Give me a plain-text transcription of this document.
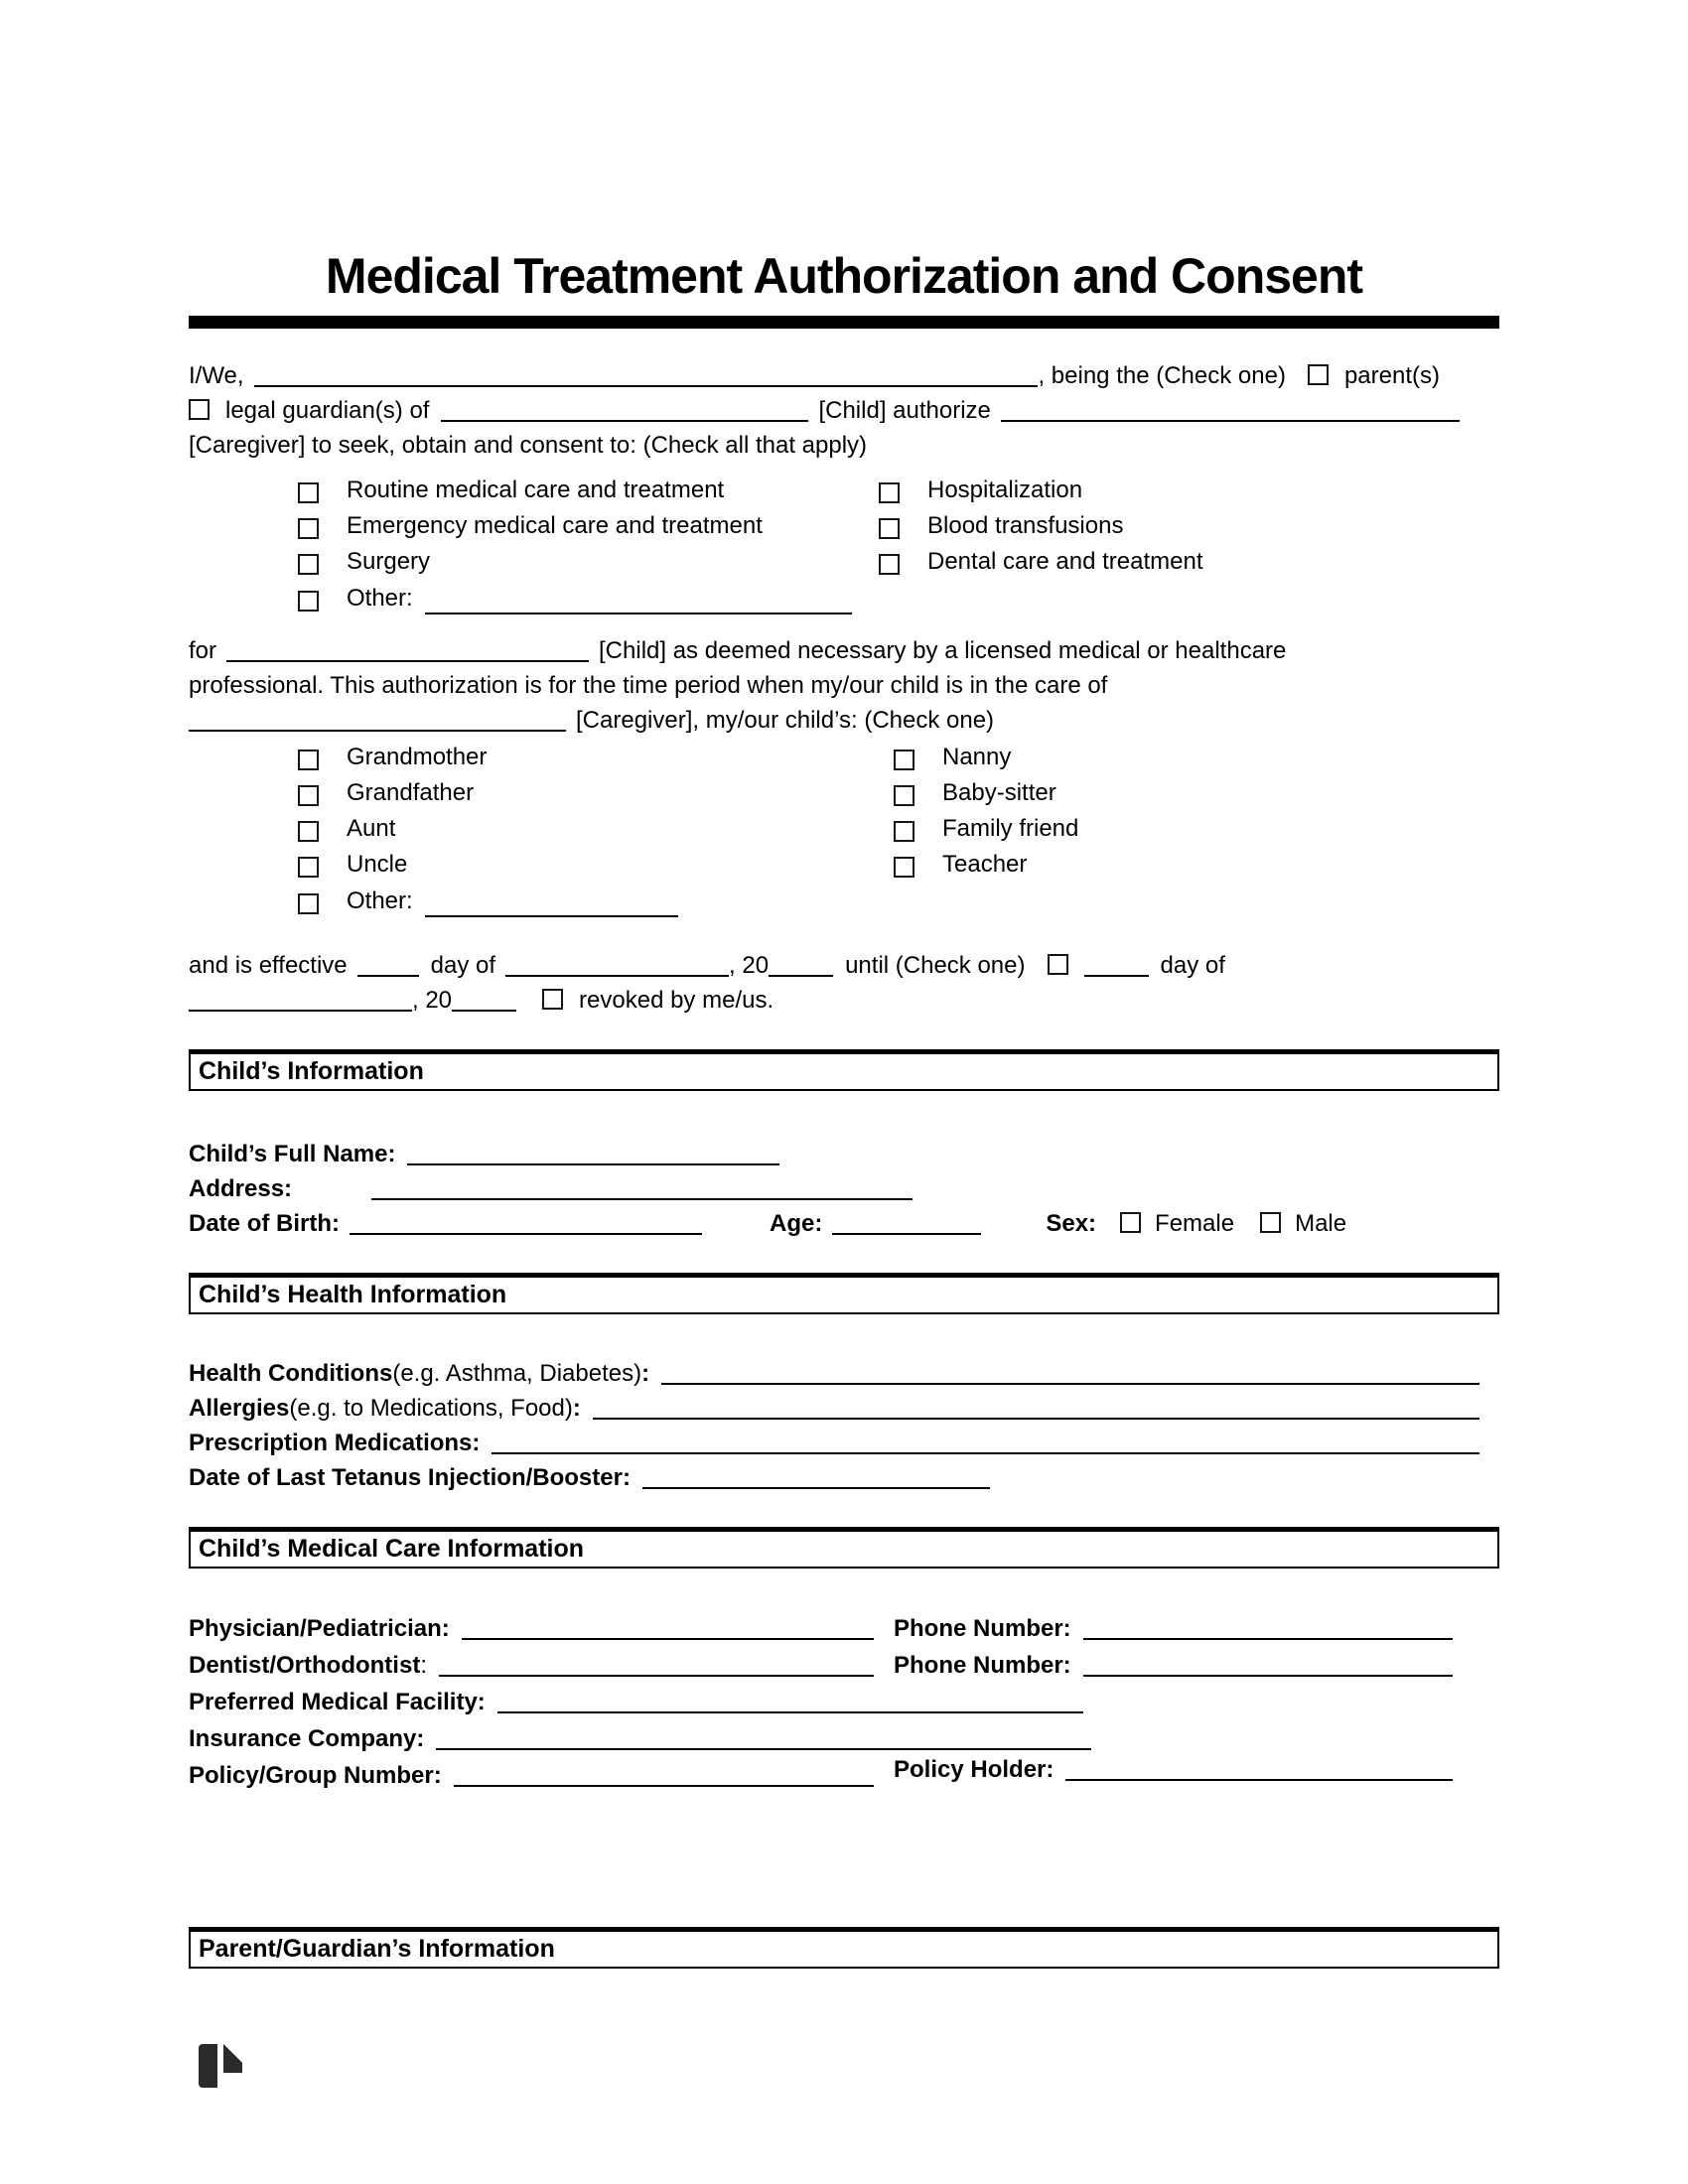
Medical Treatment Authorization and Consent
I/We,	, being the (Check one) parent(s)
legal guardian(s) of	[Child] authorize
[Caregiver] to seek, obtain and consent to: (Check all that apply)
Routine medical care and treatment	Hospitalization
Emergency medical care and treatment	Blood transfusions
Surgery	Dental care and treatment
Other:
for	[Child] as deemed necessary by a licensed medical or healthcare
professional. This authorization is for the time period when my/our child is in the care of
[Caregiver], my/our child’s: (Check one)
Grandmother	Nanny
Grandfather	Baby-sitter
Aunt	Family friend
Uncle	Teacher
Other:
and is effective	day of	, 20	until (Check one)	day of
, 20	revoked by me/us.
Child’s Information
Child’s Full Name:
Address:
Date of Birth:	Age:	Sex: Female	Male
Child’s Health Information
Health Conditions (e.g. Asthma, Diabetes) :
Allergies (e.g. to Medications, Food) :
Prescription Medications:
Date of Last Tetanus Injection/Booster:
Child’s Medical Care Information
Physician/Pediatrician:	Phone Number:
Dentist/Orthodontist :	Phone Number:
Preferred Medical Facility:
Insurance Company:
Policy/Group Number:	Policy Holder:
Parent/Guardian’s Information
